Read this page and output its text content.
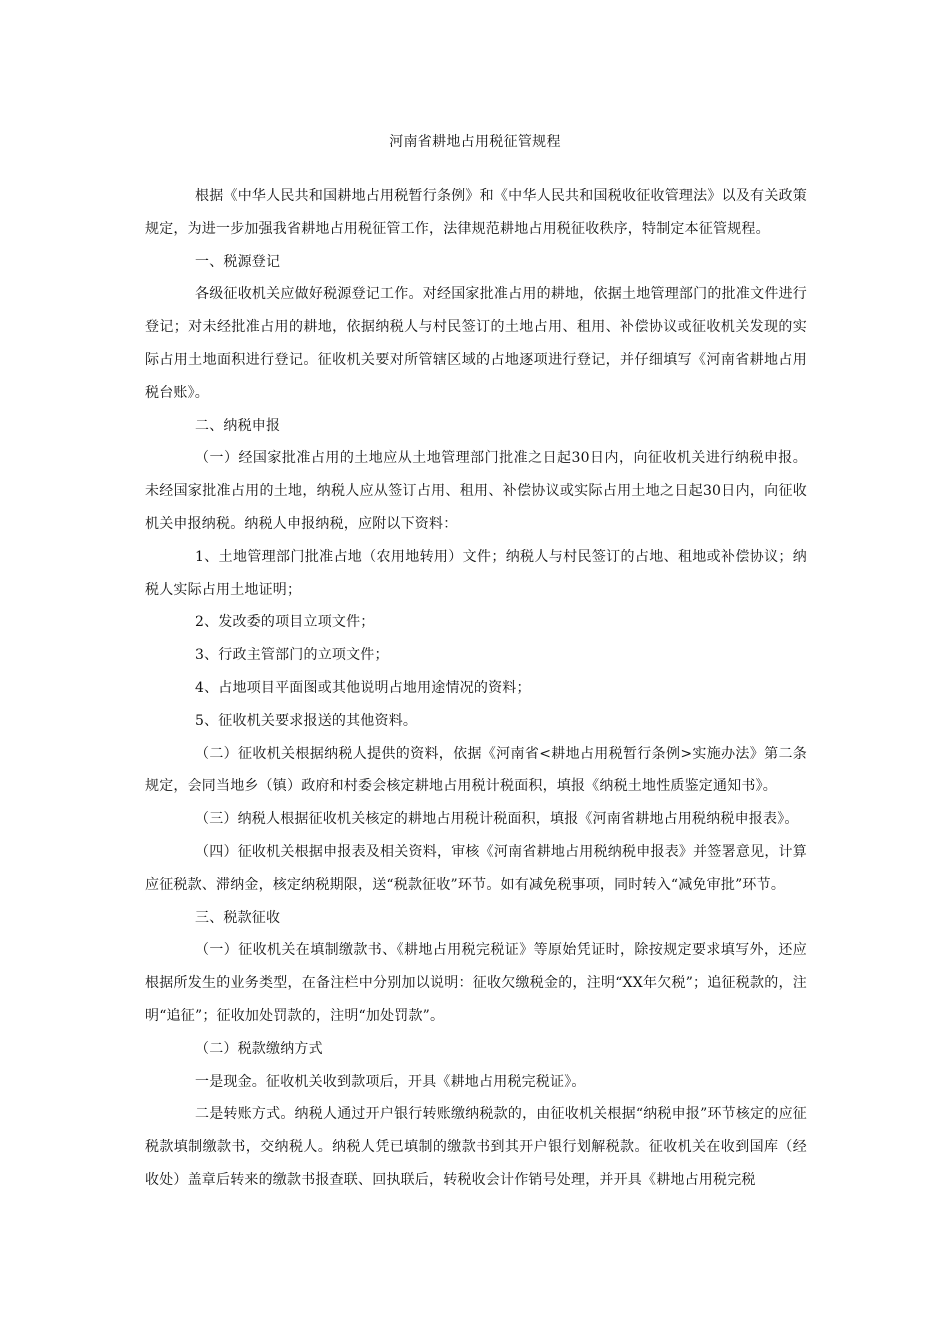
河南省耕地占用税征管规程

根据《中华人民共和国耕地占用税暂行条例》和《中华人民共和国税收征收管理法》以及有关政策规定，为进一步加强我省耕地占用税征管工作，法律规范耕地占用税征收秩序，特制定本征管规程。

一、税源登记

各级征收机关应做好税源登记工作。对经国家批准占用的耕地，依据土地管理部门的批准文件进行登记；对未经批准占用的耕地，依据纳税人与村民签订的土地占用、租用、补偿协议或征收机关发现的实际占用土地面积进行登记。征收机关要对所管辖区域的占地逐项进行登记，并仔细填写《河南省耕地占用税台账》。

二、纳税申报

（一）经国家批准占用的土地应从土地管理部门批准之日起30日内，向征收机关进行纳税申报。未经国家批准占用的土地，纳税人应从签订占用、租用、补偿协议或实际占用土地之日起30日内，向征收机关申报纳税。纳税人申报纳税，应附以下资料：

1、土地管理部门批准占地（农用地转用）文件；纳税人与村民签订的占地、租地或补偿协议；纳税人实际占用土地证明；

2、发改委的项目立项文件；

3、行政主管部门的立项文件；

4、占地项目平面图或其他说明占地用途情况的资料；

5、征收机关要求报送的其他资料。

（二）征收机关根据纳税人提供的资料，依据《河南省<耕地占用税暂行条例>实施办法》第二条规定，会同当地乡（镇）政府和村委会核定耕地占用税计税面积，填报《纳税土地性质鉴定通知书》。

（三）纳税人根据征收机关核定的耕地占用税计税面积，填报《河南省耕地占用税纳税申报表》。

（四）征收机关根据申报表及相关资料，审核《河南省耕地占用税纳税申报表》并签署意见，计算应征税款、滞纳金，核定纳税期限，送“税款征收”环节。如有减免税事项，同时转入“减免审批”环节。

三、税款征收

（一）征收机关在填制缴款书、《耕地占用税完税证》等原始凭证时，除按规定要求填写外，还应根据所发生的业务类型，在备注栏中分别加以说明：征收欠缴税金的，注明“XX年欠税”；追征税款的，注明“追征”；征收加处罚款的，注明“加处罚款”。

（二）税款缴纳方式

一是现金。征收机关收到款项后，开具《耕地占用税完税证》。

二是转账方式。纳税人通过开户银行转账缴纳税款的，由征收机关根据“纳税申报”环节核定的应征税款填制缴款书，交纳税人。纳税人凭已填制的缴款书到其开户银行划解税款。征收机关在收到国库（经收处）盖章后转来的缴款书报查联、回执联后，转税收会计作销号处理，并开具《耕地占用税完税
